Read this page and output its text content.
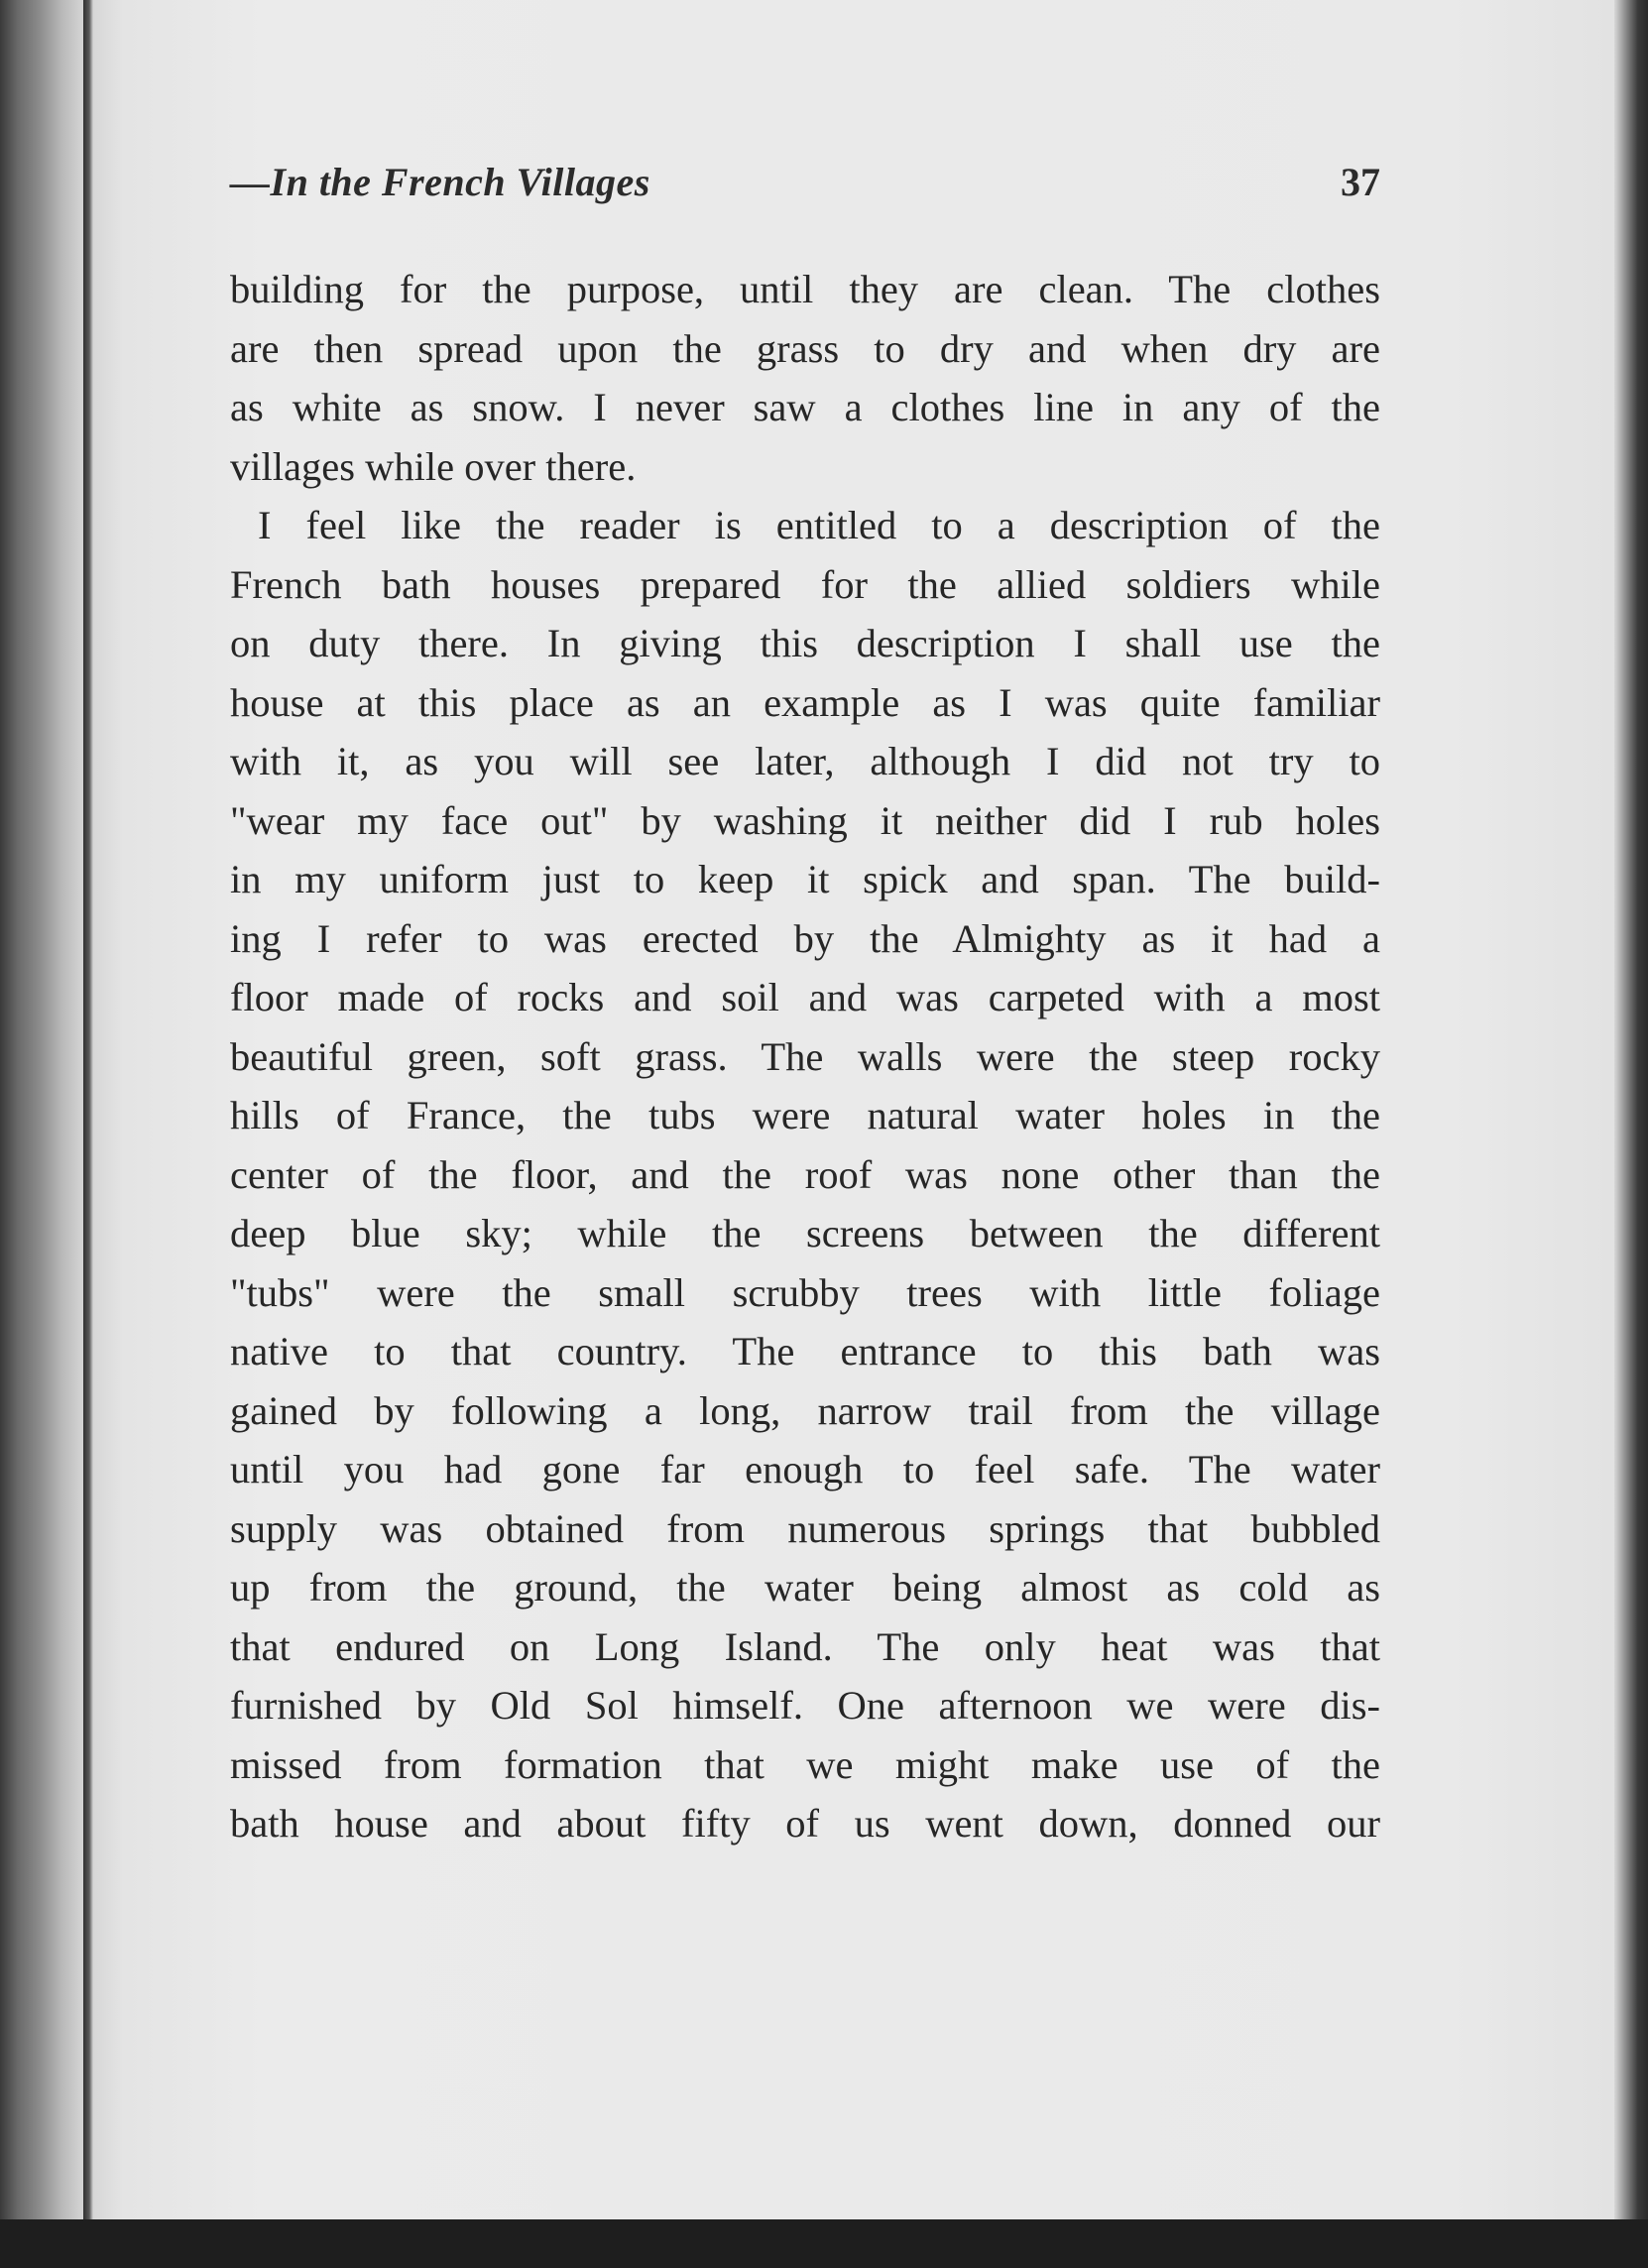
—In the French Villages	37
building for the purpose, until they are clean. The clothes
are then spread upon the grass to dry and when dry are
as white as snow. I never saw a clothes line in any of the
villages while over there.
I feel like the reader is entitled to a description of the
French bath houses prepared for the allied soldiers while
on duty there. In giving this description I shall use the
house at this place as an example as I was quite familiar
with it, as you will see later, although I did not try to
"wear my face out" by washing it neither did I rub holes
in my uniform just to keep it spick and span. The build-
ing I refer to was erected by the Almighty as it had a
floor made of rocks and soil and was carpeted with a most
beautiful green, soft grass. The walls were the steep rocky
hills of France, the tubs were natural water holes in the
center of the floor, and the roof was none other than the
deep blue sky; while the screens between the different
"tubs" were the small scrubby trees with little foliage
native to that country. The entrance to this bath was
gained by following a long, narrow trail from the village
until you had gone far enough to feel safe. The water
supply was obtained from numerous springs that bubbled
up from the ground, the water being almost as cold as
that endured on Long Island. The only heat was that
furnished by Old Sol himself. One afternoon we were dis-
missed from formation that we might make use of the
bath house and about fifty of us went down, donned our
